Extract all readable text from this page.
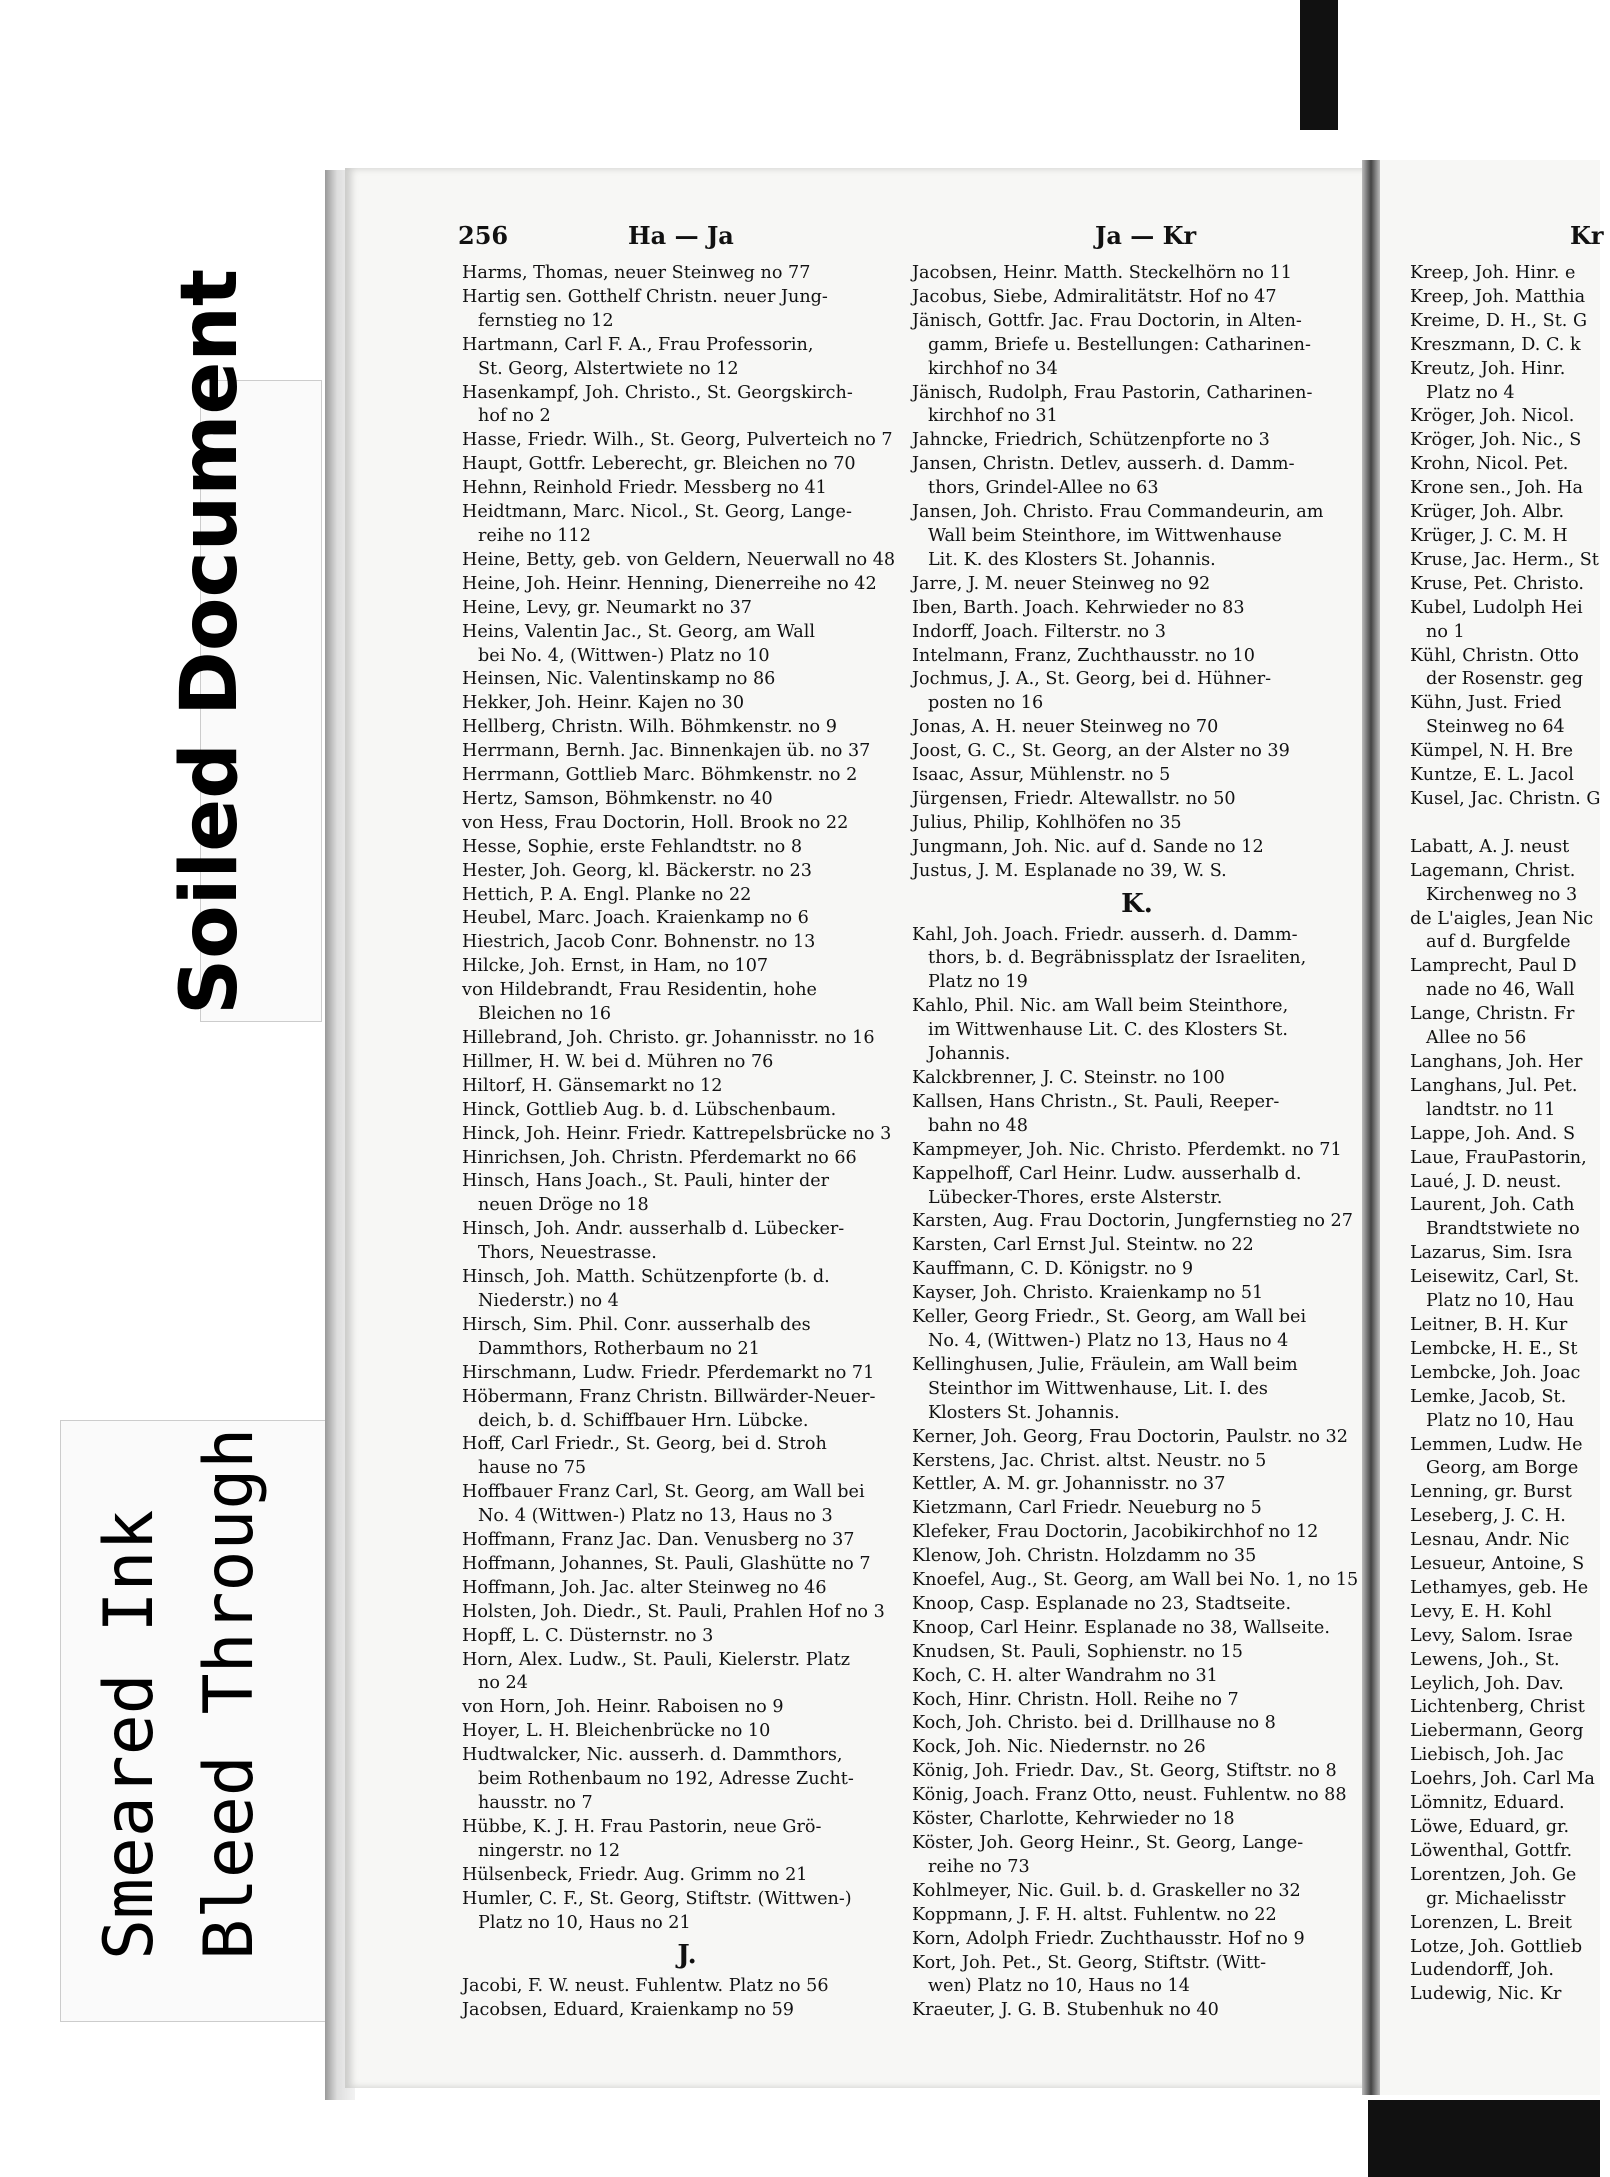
Soiled Document
Smeared Ink Bleed Through
256	Ha — Ja	Ja — Kr	Kr
Harms, Thomas, neuer Steinweg no 77
Hartig sen. Gotthelf Christn. neuer Jung-
fernstieg no 12
Hartmann, Carl F. A., Frau Professorin,
St. Georg, Alstertwiete no 12
Hasenkampf, Joh. Christo., St. Georgskirch-
hof no 2
Hasse, Friedr. Wilh., St. Georg, Pulverteich no 7
Haupt, Gottfr. Leberecht, gr. Bleichen no 70
Hehnn, Reinhold Friedr. Messberg no 41
Heidtmann, Marc. Nicol., St. Georg, Lange-
reihe no 112
Heine, Betty, geb. von Geldern, Neuerwall no 48
Heine, Joh. Heinr. Henning, Dienerreihe no 42
Heine, Levy, gr. Neumarkt no 37
Heins, Valentin Jac., St. Georg, am Wall
bei No. 4, (Wittwen-) Platz no 10
Heinsen, Nic. Valentinskamp no 86
Hekker, Joh. Heinr. Kajen no 30
Hellberg, Christn. Wilh. Böhmkenstr. no 9
Herrmann, Bernh. Jac. Binnenkajen üb. no 37
Herrmann, Gottlieb Marc. Böhmkenstr. no 2
Hertz, Samson, Böhmkenstr. no 40
von Hess, Frau Doctorin, Holl. Brook no 22
Hesse, Sophie, erste Fehlandtstr. no 8
Hester, Joh. Georg, kl. Bäckerstr. no 23
Hettich, P. A. Engl. Planke no 22
Heubel, Marc. Joach. Kraienkamp no 6
Hiestrich, Jacob Conr. Bohnenstr. no 13
Hilcke, Joh. Ernst, in Ham, no 107
von Hildebrandt, Frau Residentin, hohe
Bleichen no 16
Hillebrand, Joh. Christo. gr. Johannisstr. no 16
Hillmer, H. W. bei d. Mühren no 76
Hiltorf, H. Gänsemarkt no 12
Hinck, Gottlieb Aug. b. d. Lübschenbaum.
Hinck, Joh. Heinr. Friedr. Kattrepelsbrücke no 3
Hinrichsen, Joh. Christn. Pferdemarkt no 66
Hinsch, Hans Joach., St. Pauli, hinter der
neuen Dröge no 18
Hinsch, Joh. Andr. ausserhalb d. Lübecker-
Thors, Neuestrasse.
Hinsch, Joh. Matth. Schützenpforte (b. d.
Niederstr.) no 4
Hirsch, Sim. Phil. Conr. ausserhalb des
Dammthors, Rotherbaum no 21
Hirschmann, Ludw. Friedr. Pferdemarkt no 71
Höbermann, Franz Christn. Billwärder-Neuer-
deich, b. d. Schiffbauer Hrn. Lübcke.
Hoff, Carl Friedr., St. Georg, bei d. Stroh
hause no 75
Hoffbauer Franz Carl, St. Georg, am Wall bei
No. 4 (Wittwen-) Platz no 13, Haus no 3
Hoffmann, Franz Jac. Dan. Venusberg no 37
Hoffmann, Johannes, St. Pauli, Glashütte no 7
Hoffmann, Joh. Jac. alter Steinweg no 46
Holsten, Joh. Diedr., St. Pauli, Prahlen Hof no 3
Hopff, L. C. Düsternstr. no 3
Horn, Alex. Ludw., St. Pauli, Kielerstr. Platz
no 24
von Horn, Joh. Heinr. Raboisen no 9
Hoyer, L. H. Bleichenbrücke no 10
Hudtwalcker, Nic. ausserh. d. Dammthors,
beim Rothenbaum no 192, Adresse Zucht-
hausstr. no 7
Hübbe, K. J. H. Frau Pastorin, neue Grö-
ningerstr. no 12
Hülsenbeck, Friedr. Aug. Grimm no 21
Humler, C. F., St. Georg, Stiftstr. (Wittwen-)
Platz no 10, Haus no 21
J.
Jacobi, F. W. neust. Fuhlentw. Platz no 56
Jacobsen, Eduard, Kraienkamp no 59
Jacobsen, Heinr. Matth. Steckelhörn no 11
Jacobus, Siebe, Admiralitätstr. Hof no 47
Jänisch, Gottfr. Jac. Frau Doctorin, in Alten-
gamm, Briefe u. Bestellungen: Catharinen-
kirchhof no 34
Jänisch, Rudolph, Frau Pastorin, Catharinen-
kirchhof no 31
Jahncke, Friedrich, Schützenpforte no 3
Jansen, Christn. Detlev, ausserh. d. Damm-
thors, Grindel-Allee no 63
Jansen, Joh. Christo. Frau Commandeurin, am
Wall beim Steinthore, im Wittwenhause
Lit. K. des Klosters St. Johannis.
Jarre, J. M. neuer Steinweg no 92
Iben, Barth. Joach. Kehrwieder no 83
Indorff, Joach. Filterstr. no 3
Intelmann, Franz, Zuchthausstr. no 10
Jochmus, J. A., St. Georg, bei d. Hühner-
posten no 16
Jonas, A. H. neuer Steinweg no 70
Joost, G. C., St. Georg, an der Alster no 39
Isaac, Assur, Mühlenstr. no 5
Jürgensen, Friedr. Altewallstr. no 50
Julius, Philip, Kohlhöfen no 35
Jungmann, Joh. Nic. auf d. Sande no 12
Justus, J. M. Esplanade no 39, W. S.
K.
Kahl, Joh. Joach. Friedr. ausserh. d. Damm-
thors, b. d. Begräbnissplatz der Israeliten,
Platz no 19
Kahlo, Phil. Nic. am Wall beim Steinthore,
im Wittwenhause Lit. C. des Klosters St.
Johannis.
Kalckbrenner, J. C. Steinstr. no 100
Kallsen, Hans Christn., St. Pauli, Reeper-
bahn no 48
Kampmeyer, Joh. Nic. Christo. Pferdemkt. no 71
Kappelhoff, Carl Heinr. Ludw. ausserhalb d.
Lübecker-Thores, erste Alsterstr.
Karsten, Aug. Frau Doctorin, Jungfernstieg no 27
Karsten, Carl Ernst Jul. Steintw. no 22
Kauffmann, C. D. Königstr. no 9
Kayser, Joh. Christo. Kraienkamp no 51
Keller, Georg Friedr., St. Georg, am Wall bei
No. 4, (Wittwen-) Platz no 13, Haus no 4
Kellinghusen, Julie, Fräulein, am Wall beim
Steinthor im Wittwenhause, Lit. I. des
Klosters St. Johannis.
Kerner, Joh. Georg, Frau Doctorin, Paulstr. no 32
Kerstens, Jac. Christ. altst. Neustr. no 5
Kettler, A. M. gr. Johannisstr. no 37
Kietzmann, Carl Friedr. Neueburg no 5
Klefeker, Frau Doctorin, Jacobikirchhof no 12
Klenow, Joh. Christn. Holzdamm no 35
Knoefel, Aug., St. Georg, am Wall bei No. 1, no 15
Knoop, Casp. Esplanade no 23, Stadtseite.
Knoop, Carl Heinr. Esplanade no 38, Wallseite.
Knudsen, St. Pauli, Sophienstr. no 15
Koch, C. H. alter Wandrahm no 31
Koch, Hinr. Christn. Holl. Reihe no 7
Koch, Joh. Christo. bei d. Drillhause no 8
Kock, Joh. Nic. Niedernstr. no 26
König, Joh. Friedr. Dav., St. Georg, Stiftstr. no 8
König, Joach. Franz Otto, neust. Fuhlentw. no 88
Köster, Charlotte, Kehrwieder no 18
Köster, Joh. Georg Heinr., St. Georg, Lange-
reihe no 73
Kohlmeyer, Nic. Guil. b. d. Graskeller no 32
Koppmann, J. F. H. altst. Fuhlentw. no 22
Korn, Adolph Friedr. Zuchthausstr. Hof no 9
Kort, Joh. Pet., St. Georg, Stiftstr. (Witt-
wen) Platz no 10, Haus no 14
Kraeuter, J. G. B. Stubenhuk no 40
Kreep, Joh. Hinr. e
Kreep, Joh. Matthia
Kreime, D. H., St. G
Kreszmann, D. C. k
Kreutz, Joh. Hinr.
Platz no 4
Kröger, Joh. Nicol.
Kröger, Joh. Nic., S
Krohn, Nicol. Pet.
Krone sen., Joh. Ha
Krüger, Joh. Albr.
Krüger, J. C. M. H
Kruse, Jac. Herm., St
Kruse, Pet. Christo.
Kubel, Ludolph Hei
no 1
Kühl, Christn. Otto
der Rosenstr. geg
Kühn, Just. Fried
Steinweg no 64
Kümpel, N. H. Bre
Kuntze, E. L. Jacol
Kusel, Jac. Christn. G
Labatt, A. J. neust
Lagemann, Christ.
Kirchenweg no 3
de L'aigles, Jean Nic
auf d. Burgfelde
Lamprecht, Paul D
nade no 46, Wall
Lange, Christn. Fr
Allee no 56
Langhans, Joh. Her
Langhans, Jul. Pet.
landtstr. no 11
Lappe, Joh. And. S
Laue, FrauPastorin,
Laué, J. D. neust.
Laurent, Joh. Cath
Brandtstwiete no
Lazarus, Sim. Isra
Leisewitz, Carl, St.
Platz no 10, Hau
Leitner, B. H. Kur
Lembcke, H. E., St
Lembcke, Joh. Joac
Lemke, Jacob, St.
Platz no 10, Hau
Lemmen, Ludw. He
Georg, am Borge
Lenning, gr. Burst
Leseberg, J. C. H.
Lesnau, Andr. Nic
Lesueur, Antoine, S
Lethamyes, geb. He
Levy, E. H. Kohl
Levy, Salom. Israe
Lewens, Joh., St.
Leylich, Joh. Dav.
Lichtenberg, Christ
Liebermann, Georg
Liebisch, Joh. Jac
Loehrs, Joh. Carl Ma
Lömnitz, Eduard.
Löwe, Eduard, gr.
Löwenthal, Gottfr.
Lorentzen, Joh. Ge
gr. Michaelisstr
Lorenzen, L. Breit
Lotze, Joh. Gottlieb
Ludendorff, Joh.
Ludewig, Nic. Kr
